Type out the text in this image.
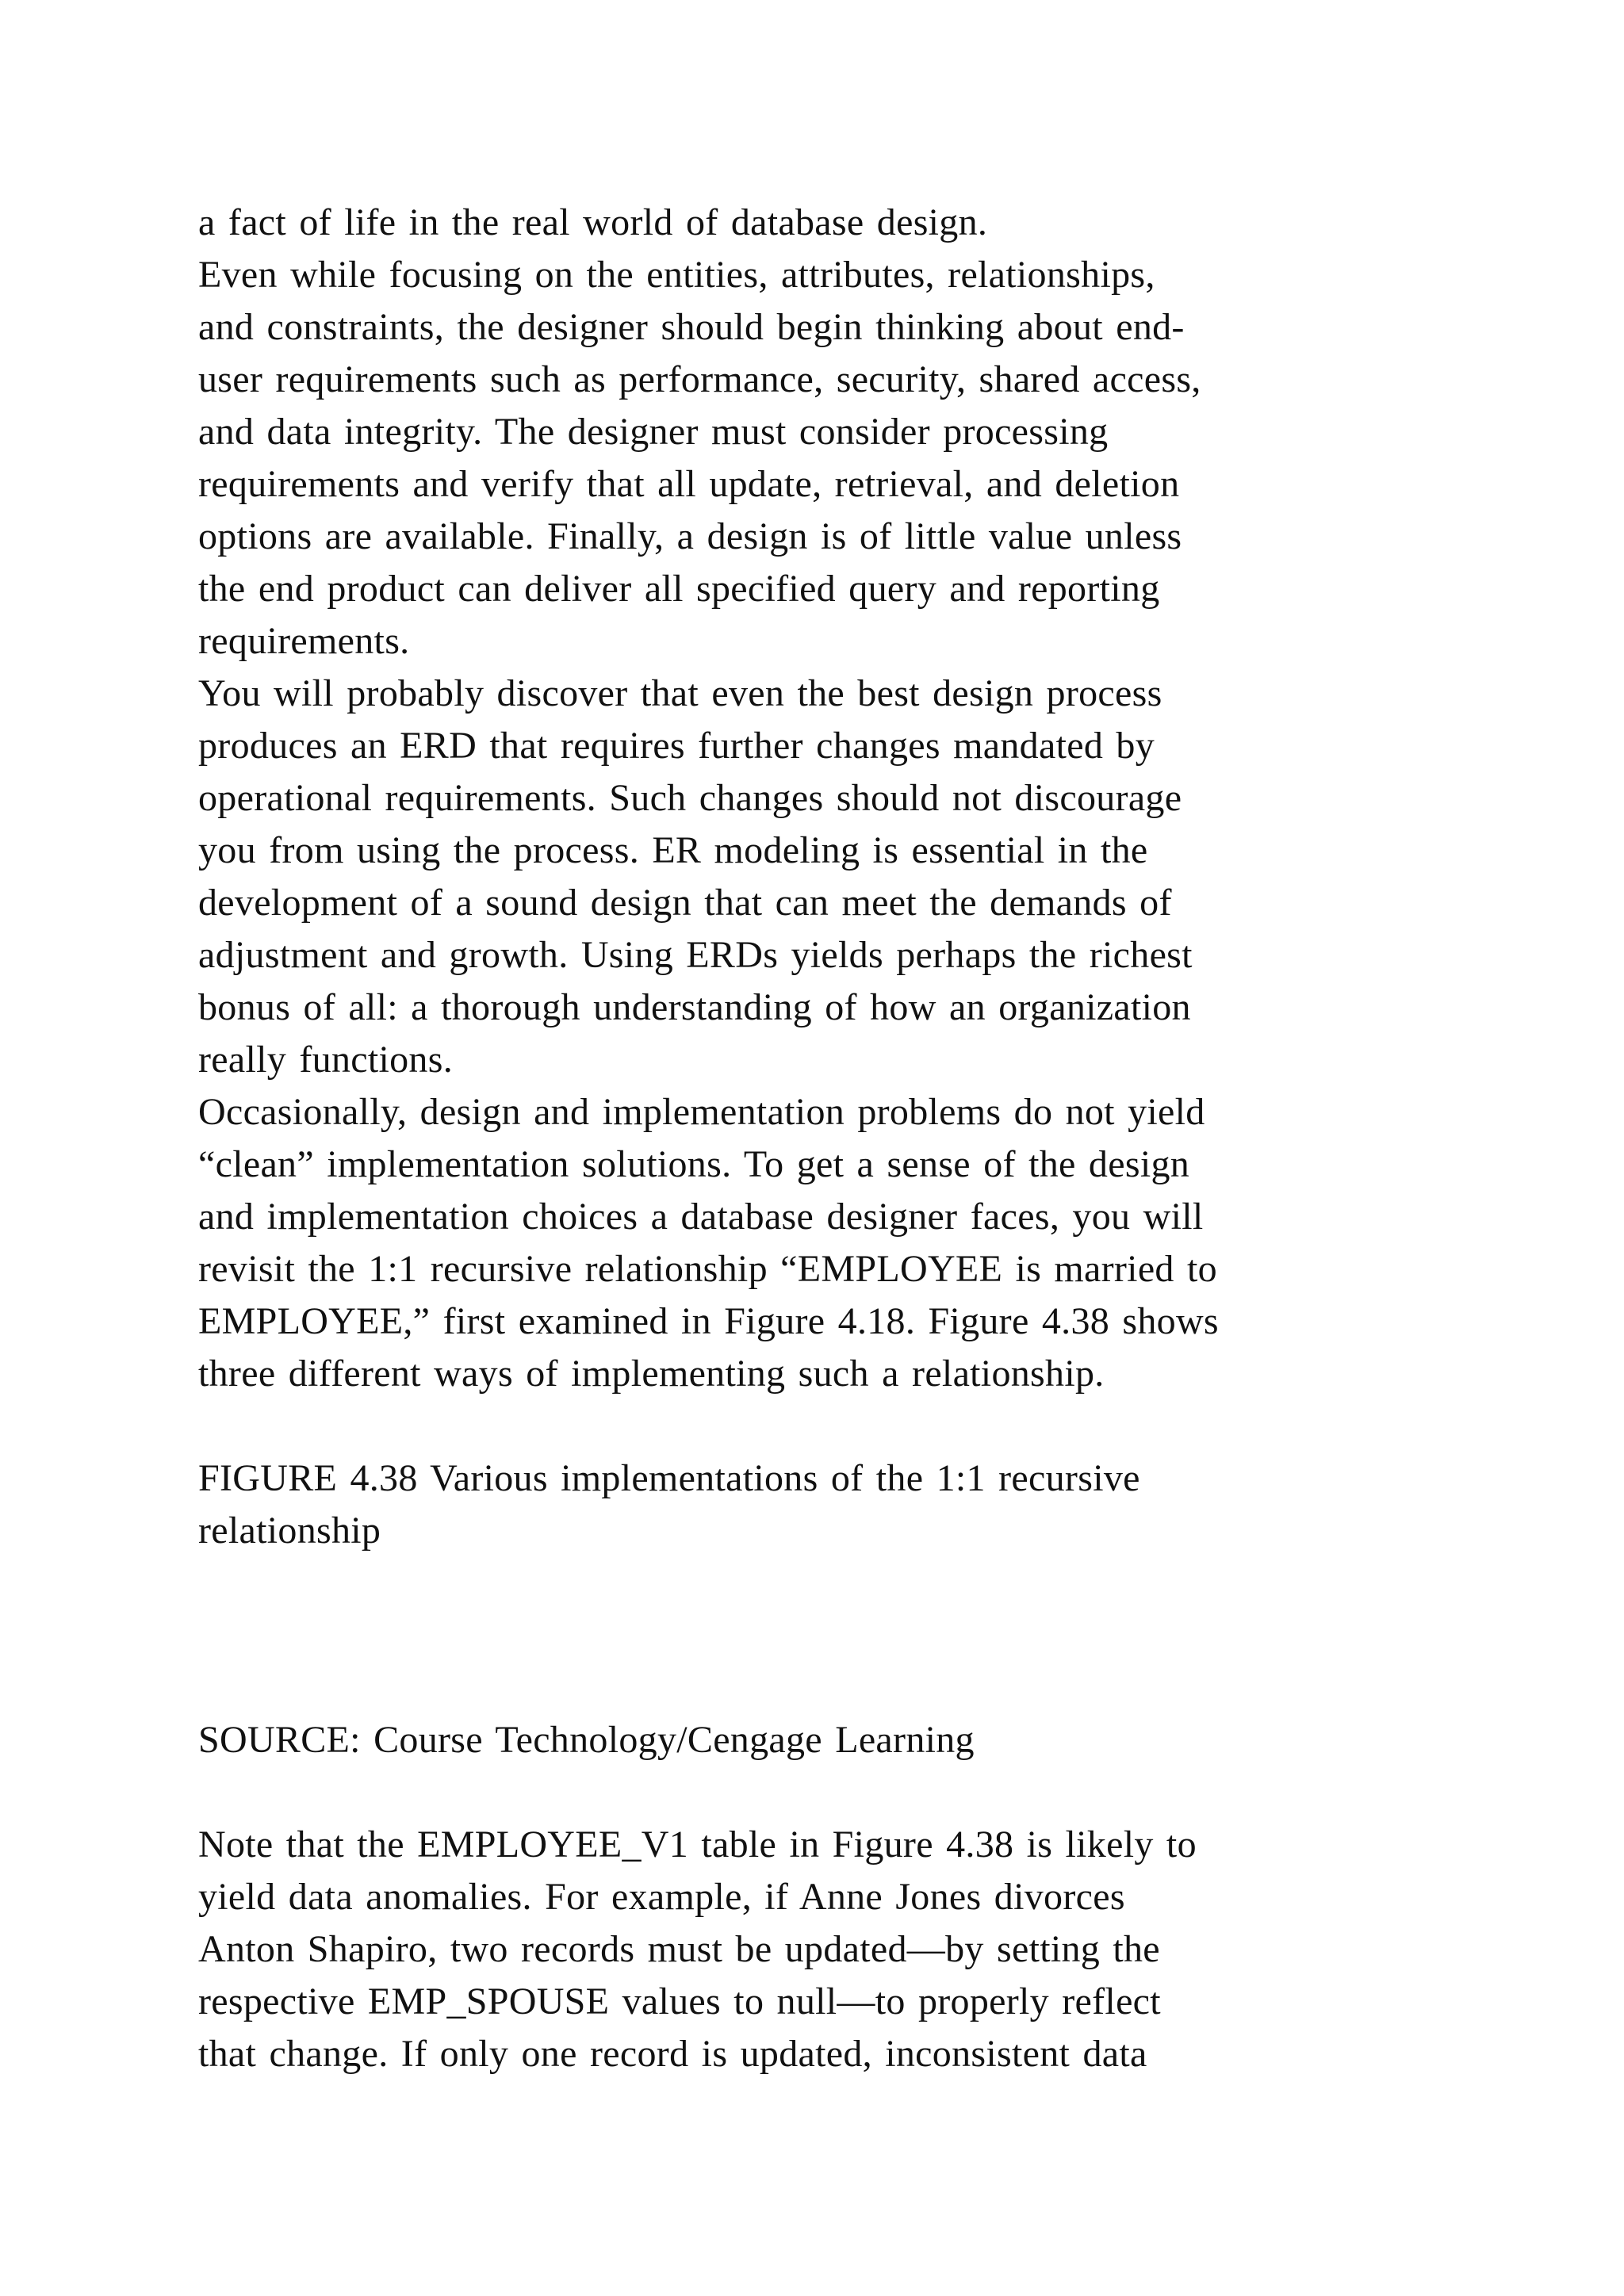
a fact of life in the real world of database design.
Even while focusing on the entities, attributes, relationships,
and constraints, the designer should begin thinking about end-
user requirements such as performance, security, shared access,
and data integrity. The designer must consider processing
requirements and verify that all update, retrieval, and deletion
options are available. Finally, a design is of little value unless
the end product can deliver all specified query and reporting
requirements.
You will probably discover that even the best design process
produces an ERD that requires further changes mandated by
operational requirements. Such changes should not discourage
you from using the process. ER modeling is essential in the
development of a sound design that can meet the demands of
adjustment and growth. Using ERDs yields perhaps the richest
bonus of all: a thorough understanding of how an organization
really functions.
Occasionally, design and implementation problems do not yield
“clean” implementation solutions. To get a sense of the design
and implementation choices a database designer faces, you will
revisit the 1:1 recursive relationship “EMPLOYEE is married to
EMPLOYEE,” first examined in Figure 4.18. Figure 4.38 shows
three different ways of implementing such a relationship.
FIGURE 4.38 Various implementations of the 1:1 recursive
relationship
SOURCE: Course Technology/Cengage Learning
Note that the EMPLOYEE_V1 table in Figure 4.38 is likely to
yield data anomalies. For example, if Anne Jones divorces
Anton Shapiro, two records must be updated—by setting the
respective EMP_SPOUSE values to null—to properly reflect
that change. If only one record is updated, inconsistent data
